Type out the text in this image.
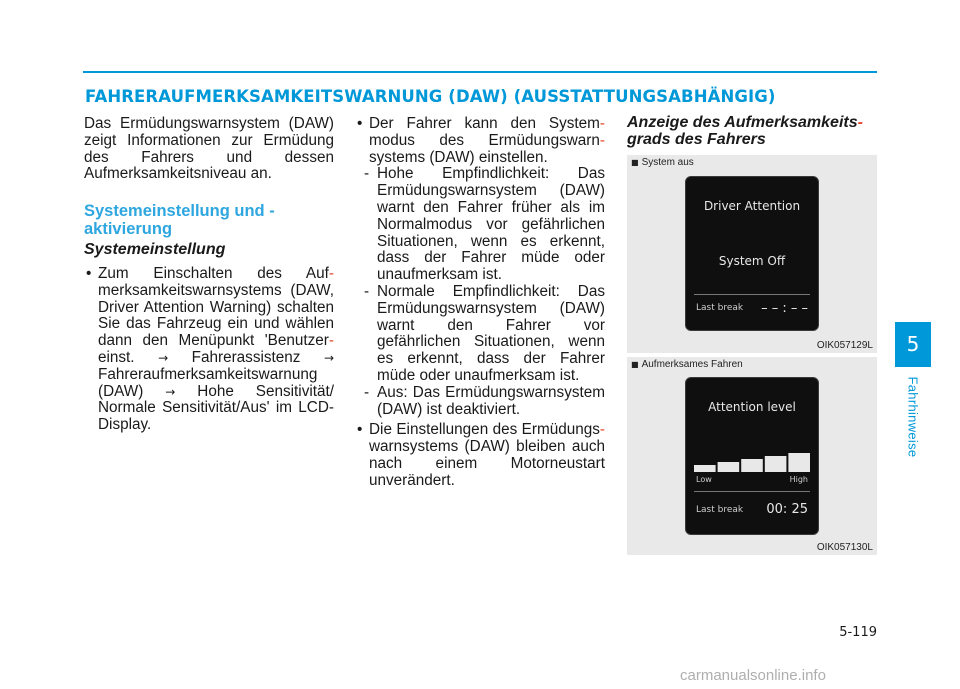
FAHRERAUFMERKSAMKEITSWARNUNG (DAW) (AUSSTATTUNGSABHÄNGIG)

Das Ermüdungswarnsystem (DAW) zeigt Informationen zur Ermüdung des Fahrers und dessen Aufmerksamkeitsniveau an.

Systemeinstellung und -aktivierung
Systemeinstellung

• Zum Einschalten des Auf- merksamkeitswarnsystems (DAW, Driver Attention Warning) schalten Sie das Fahrzeug ein und wählen dann den Menüpunkt 'Benutzer- einst. → Fahrerassistenz → Fahreraufmerksamkeitswarnung (DAW) → Hohe Sensitivität/ Normale Sensitivität/Aus' im LCD-Display.

• Der Fahrer kann den System- modus des Ermüdungswarn- systems (DAW) einstellen.

- Hohe Empfindlichkeit: Das Ermüdungswarnsystem (DAW) warnt den Fahrer früher als im Normalmodus vor gefährlichen Situationen, wenn es erkennt, dass der Fahrer müde oder unaufmerksam ist.

- Normale Empfindlichkeit: Das Ermüdungswarnsystem (DAW) warnt den Fahrer vor gefährlichen Situationen, wenn es erkennt, dass der Fahrer müde oder unaufmerksam ist.

- Aus: Das Ermüdungswarnsystem (DAW) ist deaktiviert.

• Die Einstellungen des Ermüdungs- warnsystems (DAW) bleiben auch nach einem Motorneustart unverändert.

Anzeige des Aufmerksamkeits-
grads des Fahrers
■ System aus
Driver Attention
System Off
Last break – – : – –
OIK057129L
■ Aufmerksames Fahren
Attention level
Low	High
Last break 00: 25
OIK057130L
5
Fahrhinweise
5-119
carmanualsonline.info
